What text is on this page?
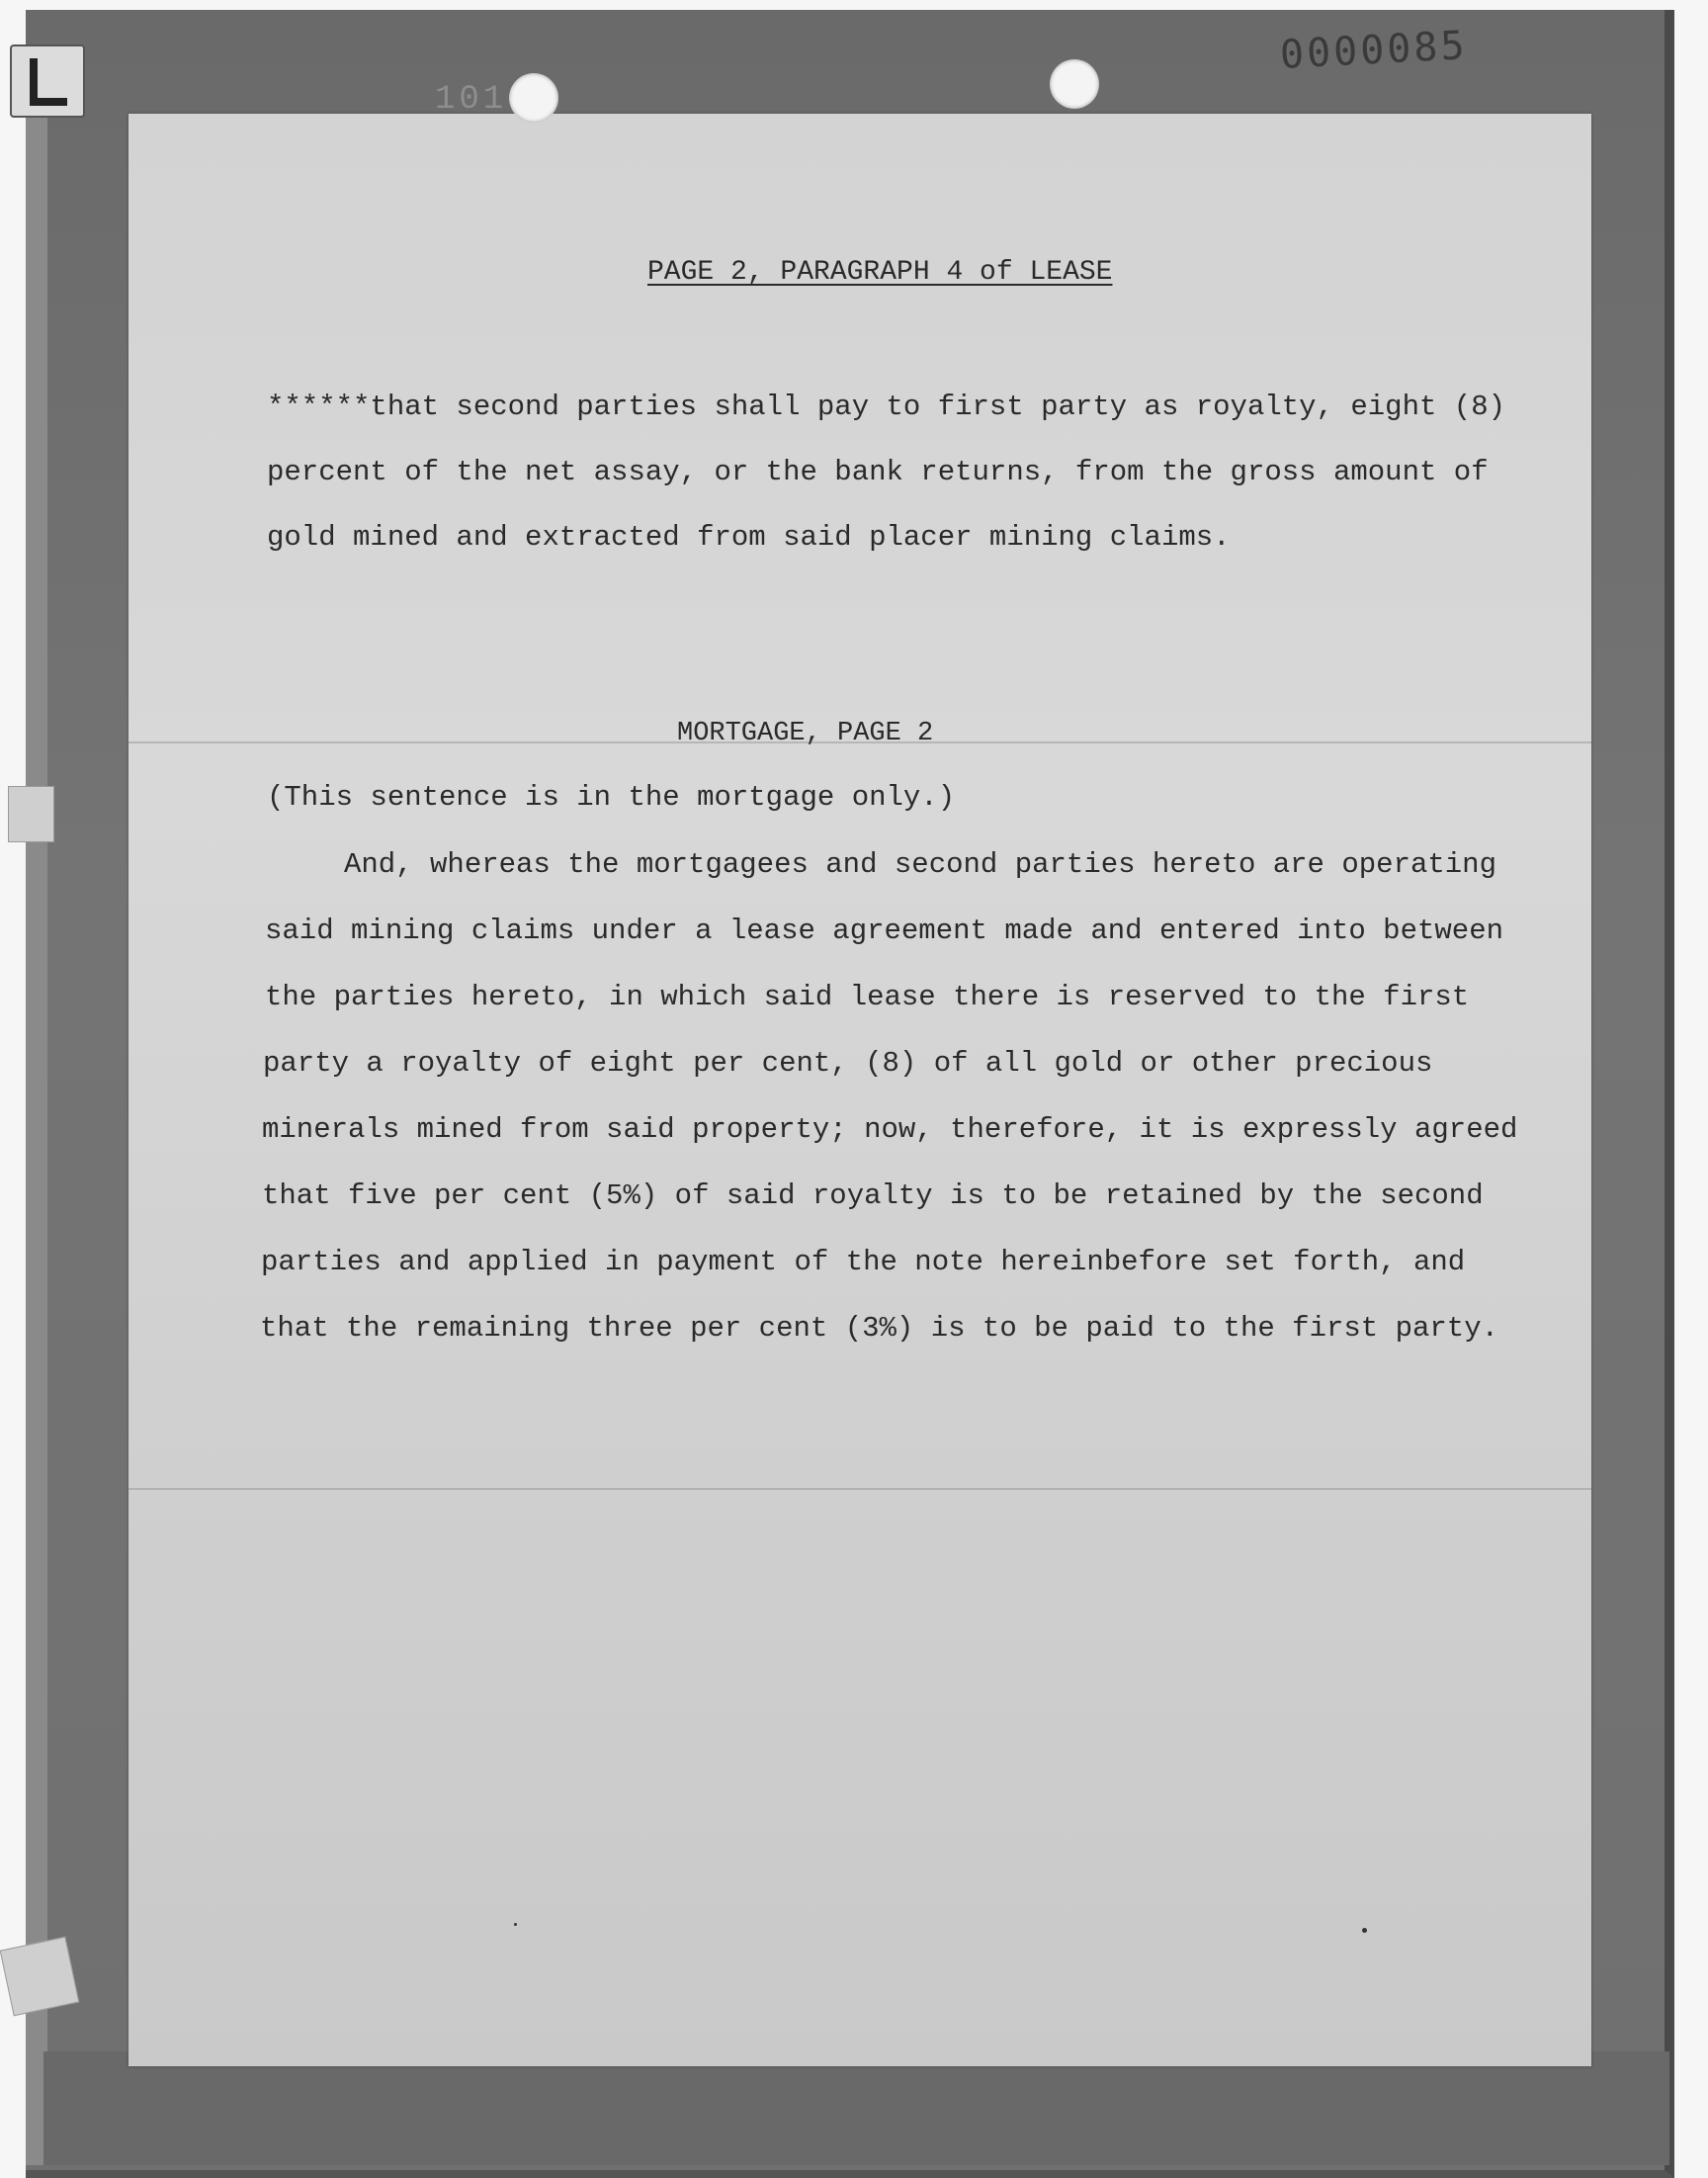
101
0000085

PAGE 2, PARAGRAPH 4 of LEASE

******that second parties shall pay to first party as royalty, eight (8)

percent of the net assay, or the bank returns, from the gross amount of

gold mined and extracted from said placer mining claims.

MORTGAGE, PAGE 2

(This sentence is in the mortgage only.)

And, whereas the mortgagees and second parties hereto are operating

said mining claims under a lease agreement made and entered into between

the parties hereto, in which said lease there is reserved to the first

party a royalty of eight per cent, (8) of all gold or other precious

minerals mined from said property; now, therefore, it is expressly agreed

that five per cent (5%) of said royalty is to be retained by the second

parties and applied in payment of the note hereinbefore set forth, and

that the remaining three per cent (3%) is to be paid to the first party.
